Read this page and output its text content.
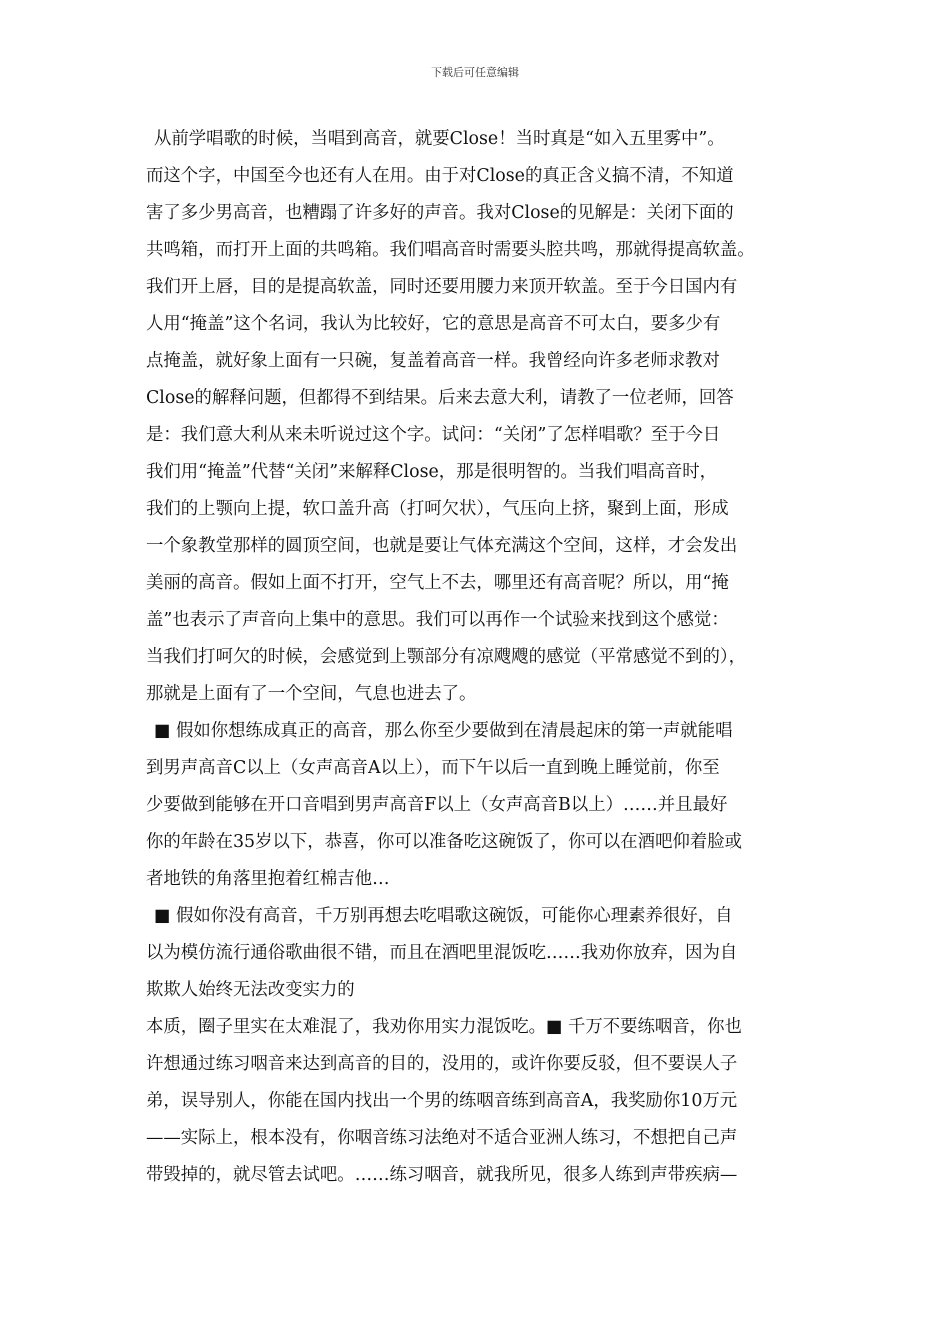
下载后可任意编辑
从前学唱歌的时候，当唱到高音，就要Close！当时真是“如入五里雾中”。
而这个字，中国至今也还有人在用。由于对Close的真正含义搞不清，不知道
害了多少男高音，也糟蹋了许多好的声音。我对Close的见解是：关闭下面的
共鸣箱，而打开上面的共鸣箱。我们唱高音时需要头腔共鸣，那就得提高软盖。
我们开上唇，目的是提高软盖，同时还要用腰力来顶开软盖。至于今日国内有
人用“掩盖”这个名词，我认为比较好，它的意思是高音不可太白，要多少有
点掩盖，就好象上面有一只碗，复盖着高音一样。我曾经向许多老师求教对
Close的解释问题，但都得不到结果。后来去意大利，请教了一位老师，回答
是：我们意大利从来未听说过这个字。试问：“关闭”了怎样唱歌？至于今日
我们用“掩盖”代替“关闭”来解释Close，那是很明智的。当我们唱高音时，
我们的上颚向上提，软口盖升高（打呵欠状），气压向上挤，聚到上面，形成
一个象教堂那样的圆顶空间，也就是要让气体充满这个空间，这样，才会发出
美丽的高音。假如上面不打开，空气上不去，哪里还有高音呢？所以，用“掩
盖”也表示了声音向上集中的意思。我们可以再作一个试验来找到这个感觉：
当我们打呵欠的时候，会感觉到上颚部分有凉飕飕的感觉（平常感觉不到的），
那就是上面有了一个空间，气息也进去了。
■ 假如你想练成真正的高音，那么你至少要做到在清晨起床的第一声就能唱
到男声高音C以上（女声高音A以上），而下午以后一直到晚上睡觉前，你至
少要做到能够在开口音唱到男声高音F以上（女声高音B以上）……并且最好
你的年龄在35岁以下，恭喜，你可以准备吃这碗饭了，你可以在酒吧仰着脸或
者地铁的角落里抱着红棉吉他…
■ 假如你没有高音，千万别再想去吃唱歌这碗饭，可能你心理素养很好，自
以为模仿流行通俗歌曲很不错，而且在酒吧里混饭吃……我劝你放弃，因为自
欺欺人始终无法改变实力的
本质，圈子里实在太难混了，我劝你用实力混饭吃。■ 千万不要练咽音，你也
许想通过练习咽音来达到高音的目的，没用的，或许你要反驳，但不要误人子
弟，误导别人，你能在国内找出一个男的练咽音练到高音A，我奖励你10万元
——实际上，根本没有，你咽音练习法绝对不适合亚洲人练习，不想把自己声
带毁掉的，就尽管去试吧。……练习咽音，就我所见，很多人练到声带疾病—
